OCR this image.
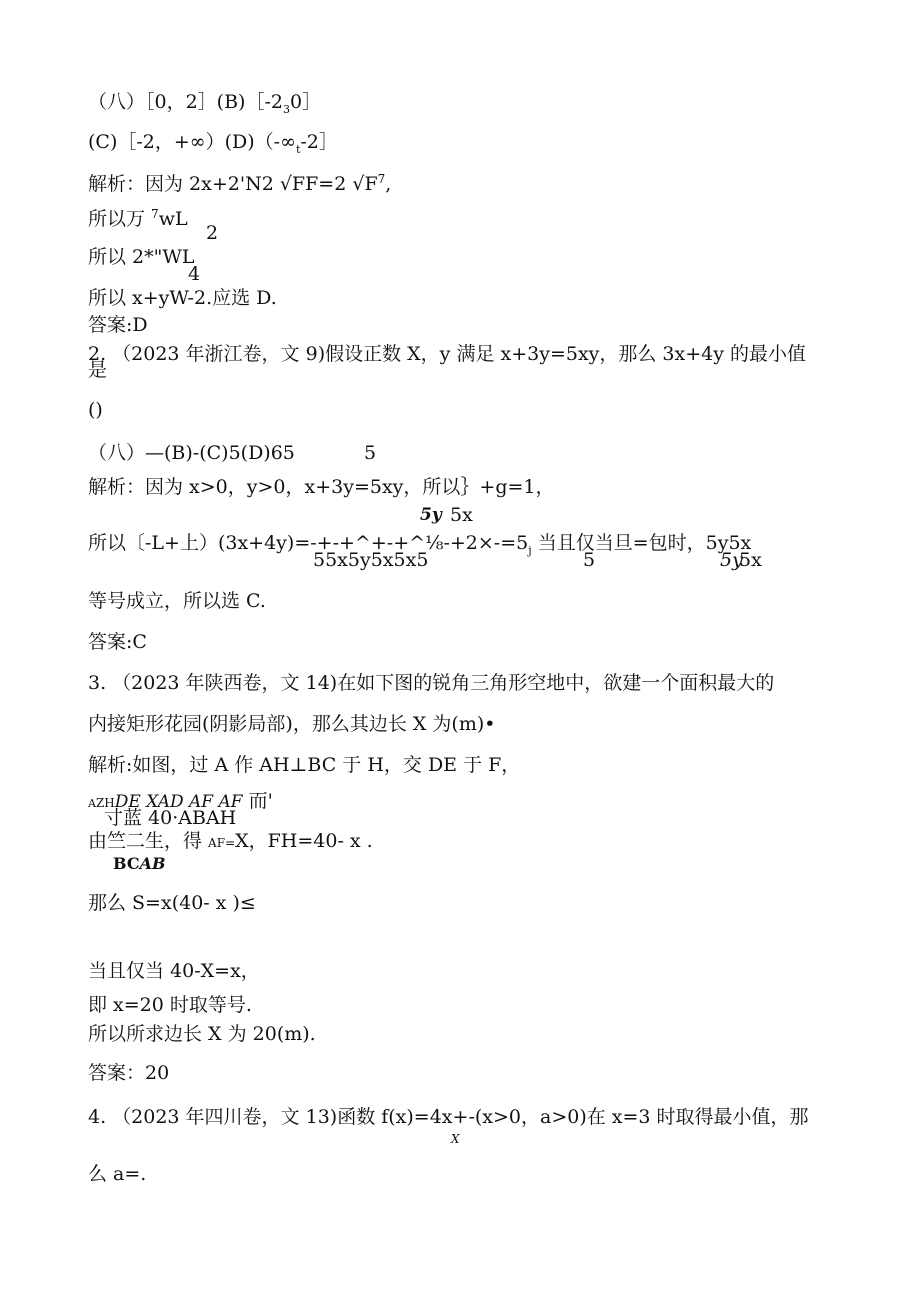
（八）［0，$2](B)[-2_30]$
(C)［-2，$+\infty)(D)(-\infty_t-2]$
解析：因为 2x+2'N2 √FF=2 $√F^7$,
所以万 $^7$wL
2
所以 2*"WL
4
所以 x+yW-2.应选 D.
答案:D
2. （2023 年浙江卷，文 9)假设正数 X，y 满足 x+3y=5xy，那么 3x+4y 的最小值
是
()
（八）—(B)-(C)5(D)65	5
解析：因为 x>0，y>0，x+3y=5xy，所以｝+g=1，
5y 5x
所以〔-L+上）$(3x+4y)=-+-+\^{}+-+\^{}\frac{1}{8}-+2\times-=5_j$ 当且仅当旦=包时，5y5x
55x5y5x5x5	5	5y
5x
等号成立，所以选 C.
答案:C
3. （2023 年陕西卷，文 14)在如下图的锐角三角形空地中，欲建一个面积最大的
内接矩形花园(阴影局部)，那么其边长 X 为(m)•
解析:如图，过 A 作 AH⊥BC 于 H，交 DE 于 F，
AZHDE XAD AF AF 而'
寸蓝 40·ABAH
由竺二生，得 AF=X，FH=40- x .
BCAB
那么 S=x(40- x )≤
当且仅当 40-X=x，
即 x=20 时取等号.
所以所求边长 X 为 20(m).
答案：20
4. （2023 年四川卷，文 13)函数 f(x)=4x+-(x>0，a>0)在 x=3 时取得最小值，那
X
么 a=.
